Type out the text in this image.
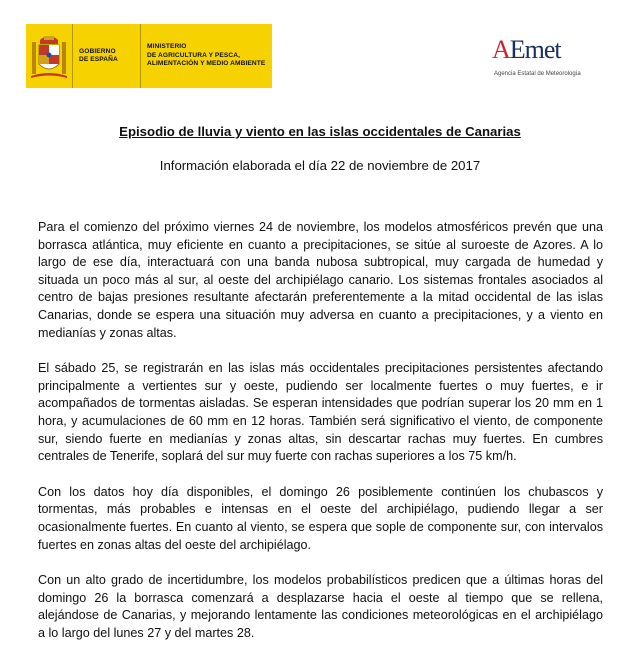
GOBIERNO
DE ESPAÑA
MINISTERIO
DE AGRICULTURA Y PESCA,
ALIMENTACIÓN Y MEDIO AMBIENTE	AEmet
Agencia Estatal de Meteorología
Episodio de lluvia y viento en las islas occidentales de Canarias
Información elaborada el día 22 de noviembre de 2017

Para el comienzo del próximo viernes 24 de noviembre, los modelos atmosféricos prevén que una borrasca atlántica, muy eficiente en cuanto a precipitaciones, se sitúe al suroeste de Azores. A lo largo de ese día, interactuará con una banda nubosa subtropical, muy cargada de humedad y situada un poco más al sur, al oeste del archipiélago canario. Los sistemas frontales asociados al centro de bajas presiones resultante afectarán preferentemente a la mitad occidental de las islas Canarias, donde se espera una situación muy adversa en cuanto a precipitaciones, y a viento en medianías y zonas altas.

El sábado 25, se registrarán en las islas más occidentales precipitaciones persistentes afectando principalmente a vertientes sur y oeste, pudiendo ser localmente fuertes o muy fuertes, e ir acompañados de tormentas aisladas. Se esperan intensidades que podrían superar los 20 mm en 1 hora, y acumulaciones de 60 mm en 12 horas. También será significativo el viento, de componente sur, siendo fuerte en medianías y zonas altas, sin descartar rachas muy fuertes. En cumbres centrales de Tenerife, soplará del sur muy fuerte con rachas superiores a los 75 km/h.

Con los datos hoy día disponibles, el domingo 26 posiblemente continúen los chubascos y tormentas, más probables e intensas en el oeste del archipiélago, pudiendo llegar a ser ocasionalmente fuertes. En cuanto al viento, se espera que sople de componente sur, con intervalos fuertes en zonas altas del oeste del archipiélago.

Con un alto grado de incertidumbre, los modelos probabilísticos predicen que a últimas horas del domingo 26 la borrasca comenzará a desplazarse hacia el oeste al tiempo que se rellena, alejándose de Canarias, y mejorando lentamente las condiciones meteorológicas en el archipiélago a lo largo del lunes 27 y del martes 28.
